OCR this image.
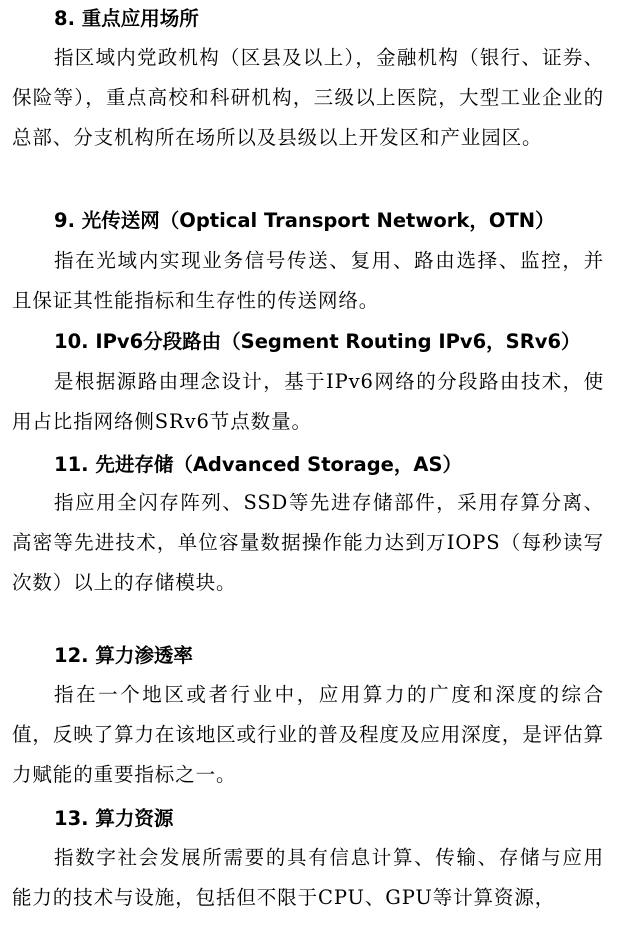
8. 重点应用场所
指区域内党政机构（区县及以上），金融机构（银行、证券、保险等），重点高校和科研机构，三级以上医院，大型工业企业的总部、分支机构所在场所以及县级以上开发区和产业园区。
9. 光传送网（Optical Transport Network，OTN）
指在光域内实现业务信号传送、复用、路由选择、监控，并且保证其性能指标和生存性的传送网络。
10. IPv6分段路由（Segment Routing IPv6，SRv6）
是根据源路由理念设计，基于IPv6网络的分段路由技术，使用占比指网络侧SRv6节点数量。
11. 先进存储（Advanced Storage，AS）
指应用全闪存阵列、SSD等先进存储部件，采用存算分离、高密等先进技术，单位容量数据操作能力达到万IOPS（每秒读写次数）以上的存储模块。
12. 算力渗透率
指在一个地区或者行业中，应用算力的广度和深度的综合值，反映了算力在该地区或行业的普及程度及应用深度，是评估算力赋能的重要指标之一。
13. 算力资源
指数字社会发展所需要的具有信息计算、传输、存储与应用能力的技术与设施，包括但不限于CPU、GPU等计算资源，
